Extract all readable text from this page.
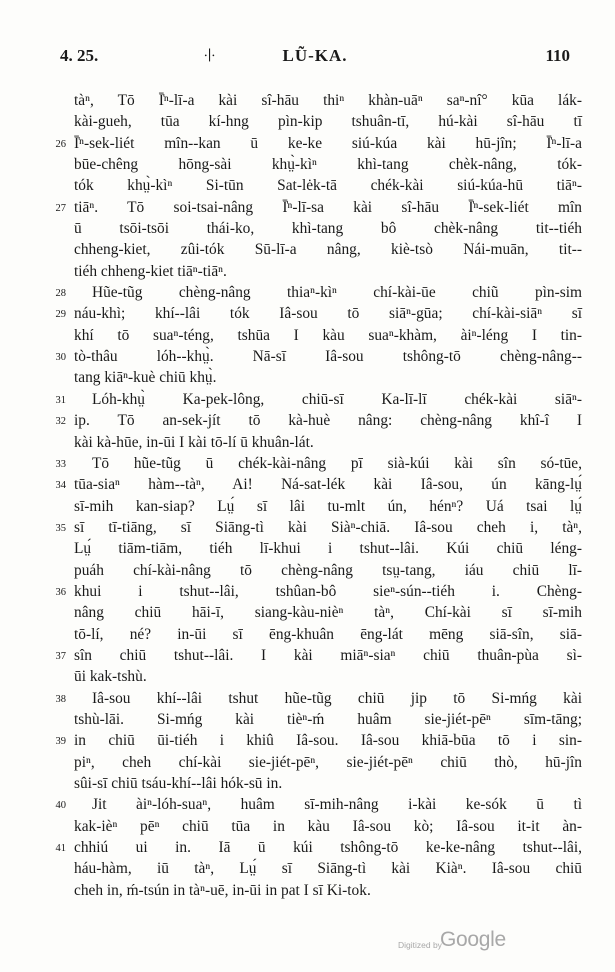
4. 25.	∙∣∙	LŨ-KA.	110
tàⁿ, Tō Ī̍ⁿ-lī-a kài sî-hāu thiⁿ khàn-uāⁿ saⁿ-nî° kūa lák-
kài-gueh, tūa kí-hng pìn-kip tshuân-tī, hú-kài sî-hāu tī
26 Ī̍ⁿ-sek-liét mîn--kan ū ke-ke siú-kúa kài hū-jîn; Ī̍ⁿ-lī-a
būe-chêng hōng-sài khṳ̀-kìⁿ khì-tang chèk-nâng, tók-
tók khṳ̀-kìⁿ Si-tūn Sat-lėk-tā chék-kài siú-kúa-hū tiāⁿ-
27 tiāⁿ. Tō soi-tsai-nâng Ī̍ⁿ-lī-sa kài sî-hāu Ī̍ⁿ-sek-liét mîn
ū tsōi-tsōi thái-ko, khì-tang bô chèk-nâng tit--tiéh
chheng-kiet, zûi-tók Sū-lī-a nâng, kiè-tsò Nái-muān, tit--
tiéh chheng-kiet tiāⁿ-tiāⁿ.
28 Hũe-tũg chèng-nâng thiaⁿ-kìⁿ chí-kài-ūe chiũ pìn-sim
29 náu-khì; khí--lâi tók Iâ-sou tō siāⁿ-gūa; chí-kài-siāⁿ sī
khí tō suaⁿ-téng, tshūa I kàu suaⁿ-khàm, àiⁿ-léng I tin-
30 tò-thâu lóh--khṳ̀. Nā-sī Iâ-sou tshông-tō chèng-nâng--
tang kiāⁿ-kuè chiū khṳ̀.
31 Lóh-khṳ̀ Ka-pek-lông, chiū-sī Ka-lī-lī chék-kài siāⁿ-
32 ip. Tō an-sek-jít tō kà-huè nâng: chèng-nâng khî-î I
kài kà-hūe, in-ūi I kài tō-lí ū khuân-lát.
33 Tō hũe-tũg ū chék-kài-nâng pī sià-kúi kài sîn só-tūe,
34 tūa-siaⁿ hàm--tàⁿ, Ai! Ná-sat-lék kài Iâ-sou, ún kāng-lṳ́
sī-mih kan-siap? Lṳ́ sī lâi tu-mlt ún, hénⁿ? Uá tsai lṳ́
35 sī tī-tiāng, sī Siāng-tì kài Siàⁿ-chiā. Iâ-sou cheh i, tàⁿ,
Lṳ́ tiām-tiām, tiéh lī-khui i tshut--lâi. Kúi chiū léng-
puáh chí-kài-nâng tō chèng-nâng tsṳ-tang, iáu chiū lī-
36 khui i tshut--lâi, tshûan-bô sieⁿ-sún--tiéh i. Chèng-
nâng chiū hāi-ī, siang-kàu-nièⁿ tàⁿ, Chí-kài sī sī-mih
tō-lí, né? in-ūi sī ēng-khuân ēng-lát mēng siā-sîn, siā-
37 sîn chiū tshut--lâi. I kài miāⁿ-siaⁿ chiū thuân-pùa sì-
ūi kak-tshù.
38 Iâ-sou khí--lâi tshut hũe-tũg chiū jip tō Si-mńg kài
tshù-lāi. Si-mńg kài tièⁿ-ḿ huâm sie-jiét-pēⁿ sīm-tāng;
39 in chiū ūi-tiéh i khiû Iâ-sou. Iâ-sou khiā-būa tō i sin-
piⁿ, cheh chí-kài sie-jiét-pēⁿ, sie-jiét-pēⁿ chiū thò, hū-jîn
sûi-sī chiū tsáu-khí--lâi hók-sū in.
40 Jit àiⁿ-lóh-suaⁿ, huâm sī-mih-nâng i-kài ke-sók ū tì
kak-ièⁿ pēⁿ chiū tūa in kàu Iâ-sou kò; Iâ-sou it-it àn-
41 chhiú ui in. Iā ū kúi tshông-tō ke-ke-nâng tshut--lâi,
háu-hàm, iū tàⁿ, Lṳ́ sī Siāng-tì kài Kiàⁿ. Iâ-sou chiū
cheh in, ḿ-tsún in tàⁿ-uē, in-ūi in pat I sī Ki-tok.
Digitized by
Google
